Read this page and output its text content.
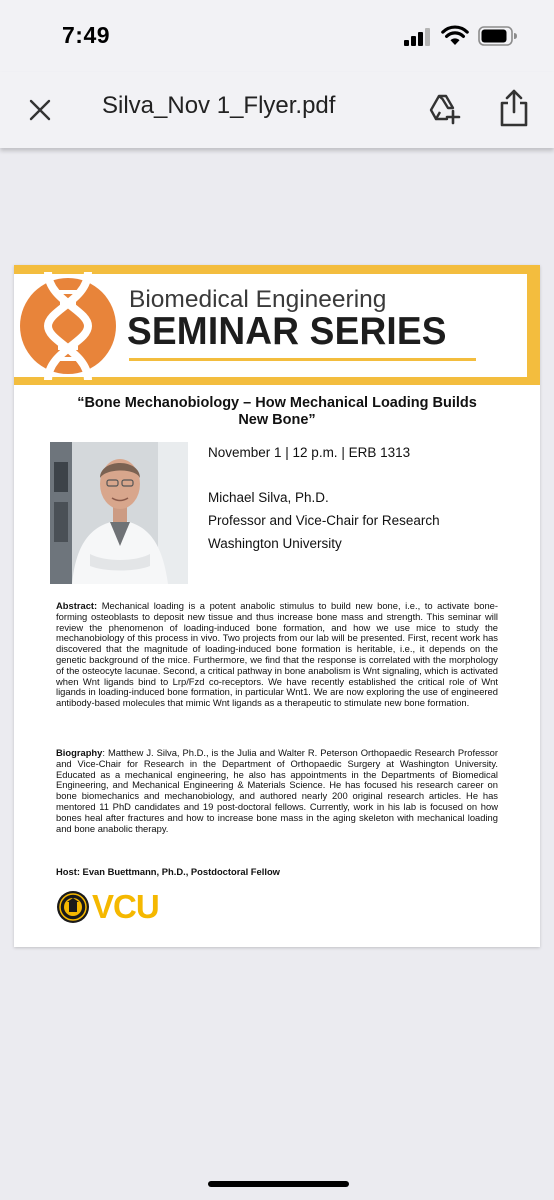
7:49
Silva_Nov 1_Flyer.pdf
Biomedical Engineering
SEMINAR SERIES
“Bone Mechanobiology – How Mechanical Loading Builds
New Bone”
November 1 | 12 p.m. | ERB 1313
Michael Silva, Ph.D.
Professor and Vice-Chair for Research
Washington University
Abstract: Mechanical loading is a potent anabolic stimulus to build new bone, i.e., to activate bone-forming osteoblasts to deposit new tissue and thus increase bone mass and strength. This seminar will review the phenomenon of loading-induced bone formation, and how we use mice to study the mechanobiology of this process in vivo. Two projects from our lab will be presented. First, recent work has discovered that the magnitude of loading-induced bone formation is heritable, i.e., it depends on the genetic background of the mice. Furthermore, we find that the response is correlated with the morphology of the osteocyte lacunae. Second, a critical pathway in bone anabolism is Wnt signaling, which is activated when Wnt ligands bind to Lrp/Fzd co-receptors. We have recently established the critical role of Wnt ligands in loading-induced bone formation, in particular Wnt1. We are now exploring the use of engineered antibody-based molecules that mimic Wnt ligands as a therapeutic to stimulate new bone formation.
Biography: Matthew J. Silva, Ph.D., is the Julia and Walter R. Peterson Orthopaedic Research Professor and Vice-Chair for Research in the Department of Orthopaedic Surgery at Washington University. Educated as a mechanical engineering, he also has appointments in the Departments of Biomedical Engineering, and Mechanical Engineering & Materials Science. He has focused his research career on bone biomechanics and mechanobiology, and authored nearly 200 original research articles. He has mentored 11 PhD candidates and 19 post-doctoral fellows. Currently, work in his lab is focused on how bones heal after fractures and how to increase bone mass in the aging skeleton with mechanical loading and bone anabolic therapy.
Host: Evan Buettmann, Ph.D., Postdoctoral Fellow
VCU
